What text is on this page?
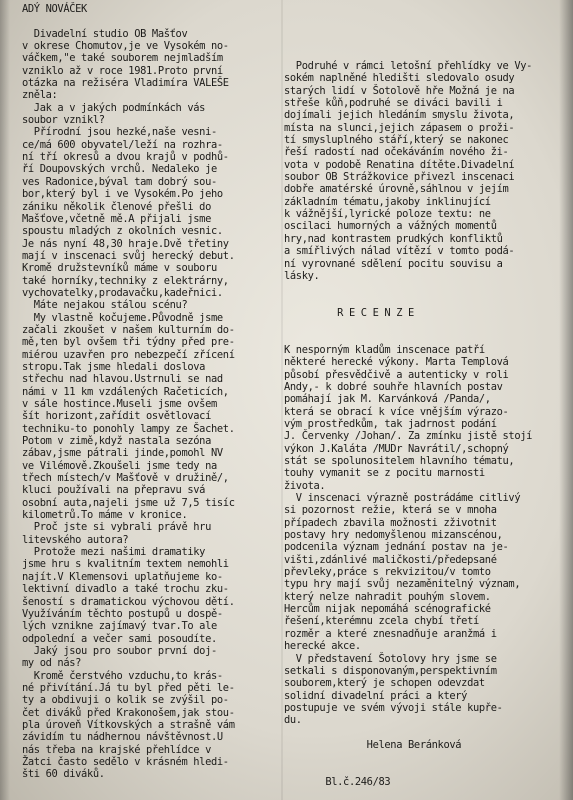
ADÝ NOVÁČEK
Divadelní studio OB Mašťov
v okrese Chomutov,je ve Vysokém no-
váčkem,"e také souborem nejmladším
vzniklo až v roce 1981.Proto první
otázka na režiséra Vladimíra VALEŠE
zněla:
Jak a v jakých podmínkách vás
soubor vznikl?
Přírodní jsou hezké,naše vesni-
ce/má 600 obyvatel/leží na rozhra-
ní tří okresů a dvou krajů v podhů-
ří Doupovských vrchů. Nedaleko je
ves Radonice,býval tam dobrý sou-
bor,který byl i ve Vysokém.Po jeho
zániku několik členové přešli do
Mašťove,včetně mě.A přijali jsme
spoustu mladých z okolních vesnic.
Je nás nyní 48,30 hraje.Dvě třetiny
mají v inscenaci svůj herecký debut.
Kromě družstevníků máme v souboru
také horníky,techniky z elektrárny,
vychovatelky,prodavačku,kadeřnici.
Máte nejakou stálou scénu?
My vlastně kočujeme.Původně jsme
začali zkoušet v našem kulturním do-
mě,ten byl ovšem tři týdny před pre-
miérou uzavřen pro nebezpečí zřícení
stropu.Tak jsme hledali doslova
střechu nad hlavou.Ustrnuli se nad
námi v 11 km vzdálených Račeticích,
v sále hostince.Museli jsme ovšem
šít horizont,zařídit osvětlovací
techniku-to ponohly lampy ze Šachet.
Potom v zimě,když nastala sezóna
zábav,jsme pátrali jinde,pomohl NV
ve Vilémově.Zkoušeli jsme tedy na
třech místech/v Mašťově v družině/,
kluci používali na přepravu svá
osobní auta,najeli jsme už 7,5 tisíc
kilometrů.To máme v kronice.
Proč jste si vybrali právě hru
litevského autora?
Protože mezi našimi dramatiky
jsme hru s kvalitním textem nemohli
najít.V Klemensovi uplatňujeme ko-
lektivní divadlo a také trochu zku-
šeností s dramatickou výchovou dětí.
Využíváním těchto postupů u dospě-
lých vznikne zajímavý tvar.To ale
odpolední a večer sami posoudíte.
Jaký jsou pro soubor první doj-
my od nás?
Kromě čerstvého vzduchu,to krás-
né přivítání.Já tu byl před pěti le-
ty a obdivuji o kolik se zvýšil po-
čet diváků před Krakonošem,jak stou-
pla úroveň Vítkovských a strašně vám
závidím tu nádhernou návštěvnost.U
nás třeba na krajské přehlídce v
Žatci často sedělo v krásném hledi-
šti 60 diváků.
Podruhé v rámci letošní přehlídky ve Vy-
sokém naplněné hledišti sledovalo osudy
starých lidí v Šotolově hře Možná je na
střeše kůň,podruhé se diváci bavili i
dojímali jejich hledáním smyslu života,
místa na slunci,jejich zápasem o proži-
tí smysluplného stáří,který se nakonec
řeší radostí nad očekáváním nového ži-
vota v podobě Renatina dítěte.Divadelní
soubor OB Strážkovice přivezl inscenaci
dobře amatérské úrovně,sáhlnou v jejím
základním tématu,jakoby inklinující
k vážnější,lyrické poloze textu: ne
oscilaci humorných a vážných momentů
hry,nad kontrastem prudkých konfliktů
a smířlivých nálad vítězí v tomto podá-
ní vyrovnané sdělení pocitu souvisu a
lásky.
R E C E N Z E
K nesporným kladům inscenace patří
některé herecké výkony. Marta Templová
působí přesvědčivě a autenticky v roli
Andy,- k dobré souhře hlavních postav
pomáhají jak M. Karvánková /Panda/,
která se obrací k více vnějším výrazo-
vým prostředkům, tak jadrnost podání
J. Červenky /Johan/. Za zmínku jistě stojí
výkon J.Kaláta /MUDr Navrátil/,schopný
stát se spolunositelem hlavního tématu,
touhy vymanit se z pocitu marnosti
života.
V inscenaci výrazně postrádáme citlivý
si pozornost režie, která se v mnoha
případech zbavila možnosti zživotnit
postavy hry nedomyšlenou mizanscénou,
podcenila význam jednání postav na je-
višti,zdánlivé maličkosti/předepsané
převleky,práce s rekvizitou/v tomto
typu hry mají svůj nezaměnitelný význam,
který nelze nahradit pouhým slovem.
Hercům nijak nepomáhá scénografické
řešení,kterémnu zcela chybí třetí
rozměr a které znesnadňuje aranžmá i
herecké akce.
V představení Šotolovy hry jsme se
setkali s disponovaným,perspektivním
souborem,který je schopen odevzdat
solidní divadelní práci a který
postupuje ve svém vývoji stále kupře-
du.
Helena Beránková
Bl.č.246/83
